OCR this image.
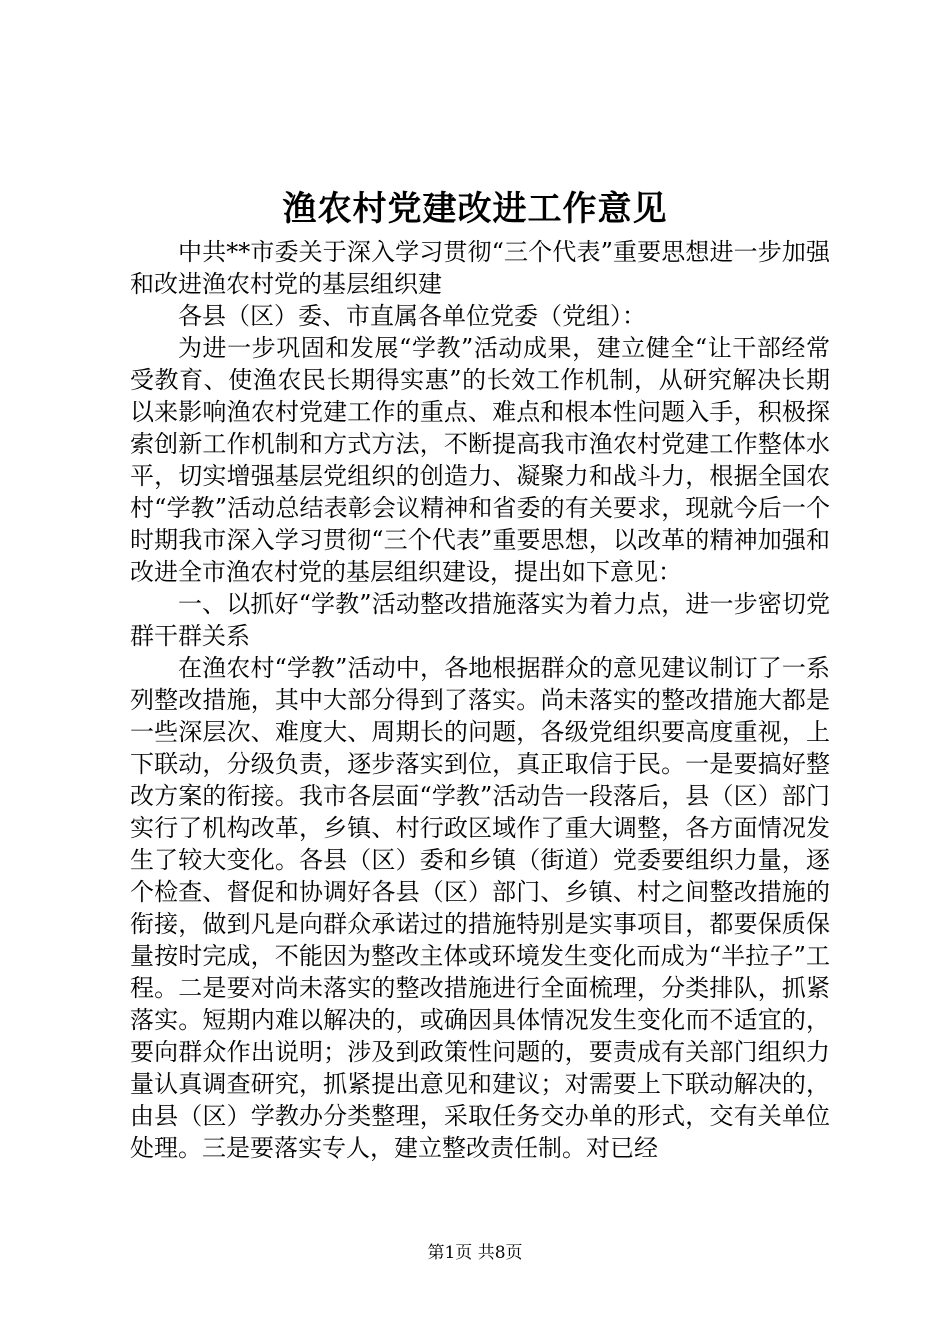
渔农村党建改进工作意见

中共**市委关于深入学习贯彻“三个代表”重要思想进一步加强和改进渔农村党的基层组织建

各县（区）委、市直属各单位党委（党组）：

为进一步巩固和发展“学教”活动成果，建立健全“让干部经常受教育、使渔农民长期得实惠”的长效工作机制，从研究解决长期以来影响渔农村党建工作的重点、难点和根本性问题入手，积极探索创新工作机制和方式方法，不断提高我市渔农村党建工作整体水平，切实增强基层党组织的创造力、凝聚力和战斗力，根据全国农村“学教”活动总结表彰会议精神和省委的有关要求，现就今后一个时期我市深入学习贯彻“三个代表”重要思想，以改革的精神加强和改进全市渔农村党的基层组织建设，提出如下意见：

一、以抓好“学教”活动整改措施落实为着力点，进一步密切党群干群关系

在渔农村“学教”活动中，各地根据群众的意见建议制订了一系列整改措施，其中大部分得到了落实。尚未落实的整改措施大都是一些深层次、难度大、周期长的问题，各级党组织要高度重视，上下联动，分级负责，逐步落实到位，真正取信于民。一是要搞好整改方案的衔接。我市各层面“学教”活动告一段落后，县（区）部门实行了机构改革，乡镇、村行政区域作了重大调整，各方面情况发生了较大变化。各县（区）委和乡镇（街道）党委要组织力量，逐个检查、督促和协调好各县（区）部门、乡镇、村之间整改措施的衔接，做到凡是向群众承诺过的措施特别是实事项目，都要保质保量按时完成，不能因为整改主体或环境发生变化而成为“半拉子”工程。二是要对尚未落实的整改措施进行全面梳理，分类排队，抓紧落实。短期内难以解决的，或确因具体情况发生变化而不适宜的，要向群众作出说明；涉及到政策性问题的，要责成有关部门组织力量认真调查研究，抓紧提出意见和建议；对需要上下联动解决的，由县（区）学教办分类整理，采取任务交办单的形式，交有关单位处理。三是要落实专人，建立整改责任制。对已经

第1页 共8页
